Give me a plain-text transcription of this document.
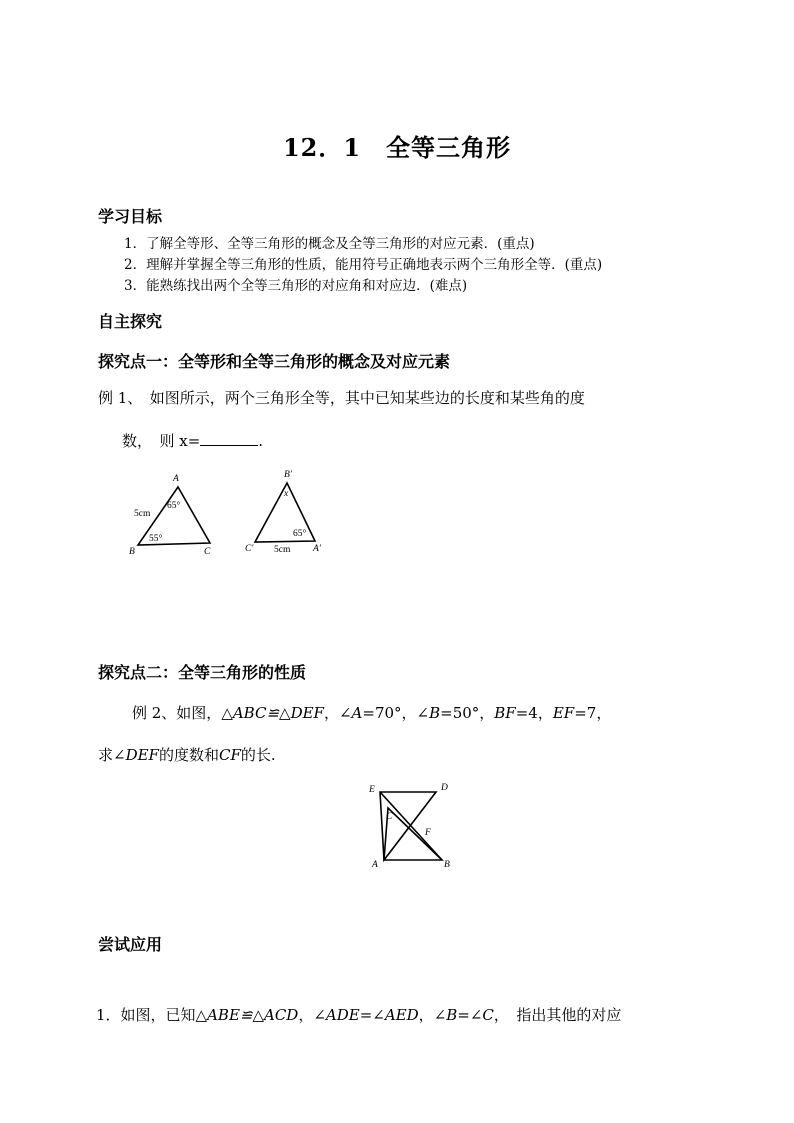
12．1　全等三角形
学习目标
1．了解全等形、全等三角形的概念及全等三角形的对应元素．(重点)
2．理解并掌握全等三角形的性质，能用符号正确地表示两个三角形全等．(重点)
3．能熟练找出两个全等三角形的对应角和对应边．(难点)
自主探究
探究点一：全等形和全等三角形的概念及对应元素
例 1、　如图所示，两个三角形全等，其中已知某些边的长度和某些角的度
数，　则 x=	.
A
B	C
5cm
65°
55°
B′
C′	A′
x
5cm
65°
探究点二：全等三角形的性质
例 2、如图，△ABC≌△DEF，∠A=70°，∠B=50°，BF=4，EF=7，
求∠DEF的度数和CF的长.
E	D
C
F
A	B
尝试应用
1．如图，已知△ABE≌△ACD，∠ADE=∠AED，∠B=∠C，　指出其他的对应
